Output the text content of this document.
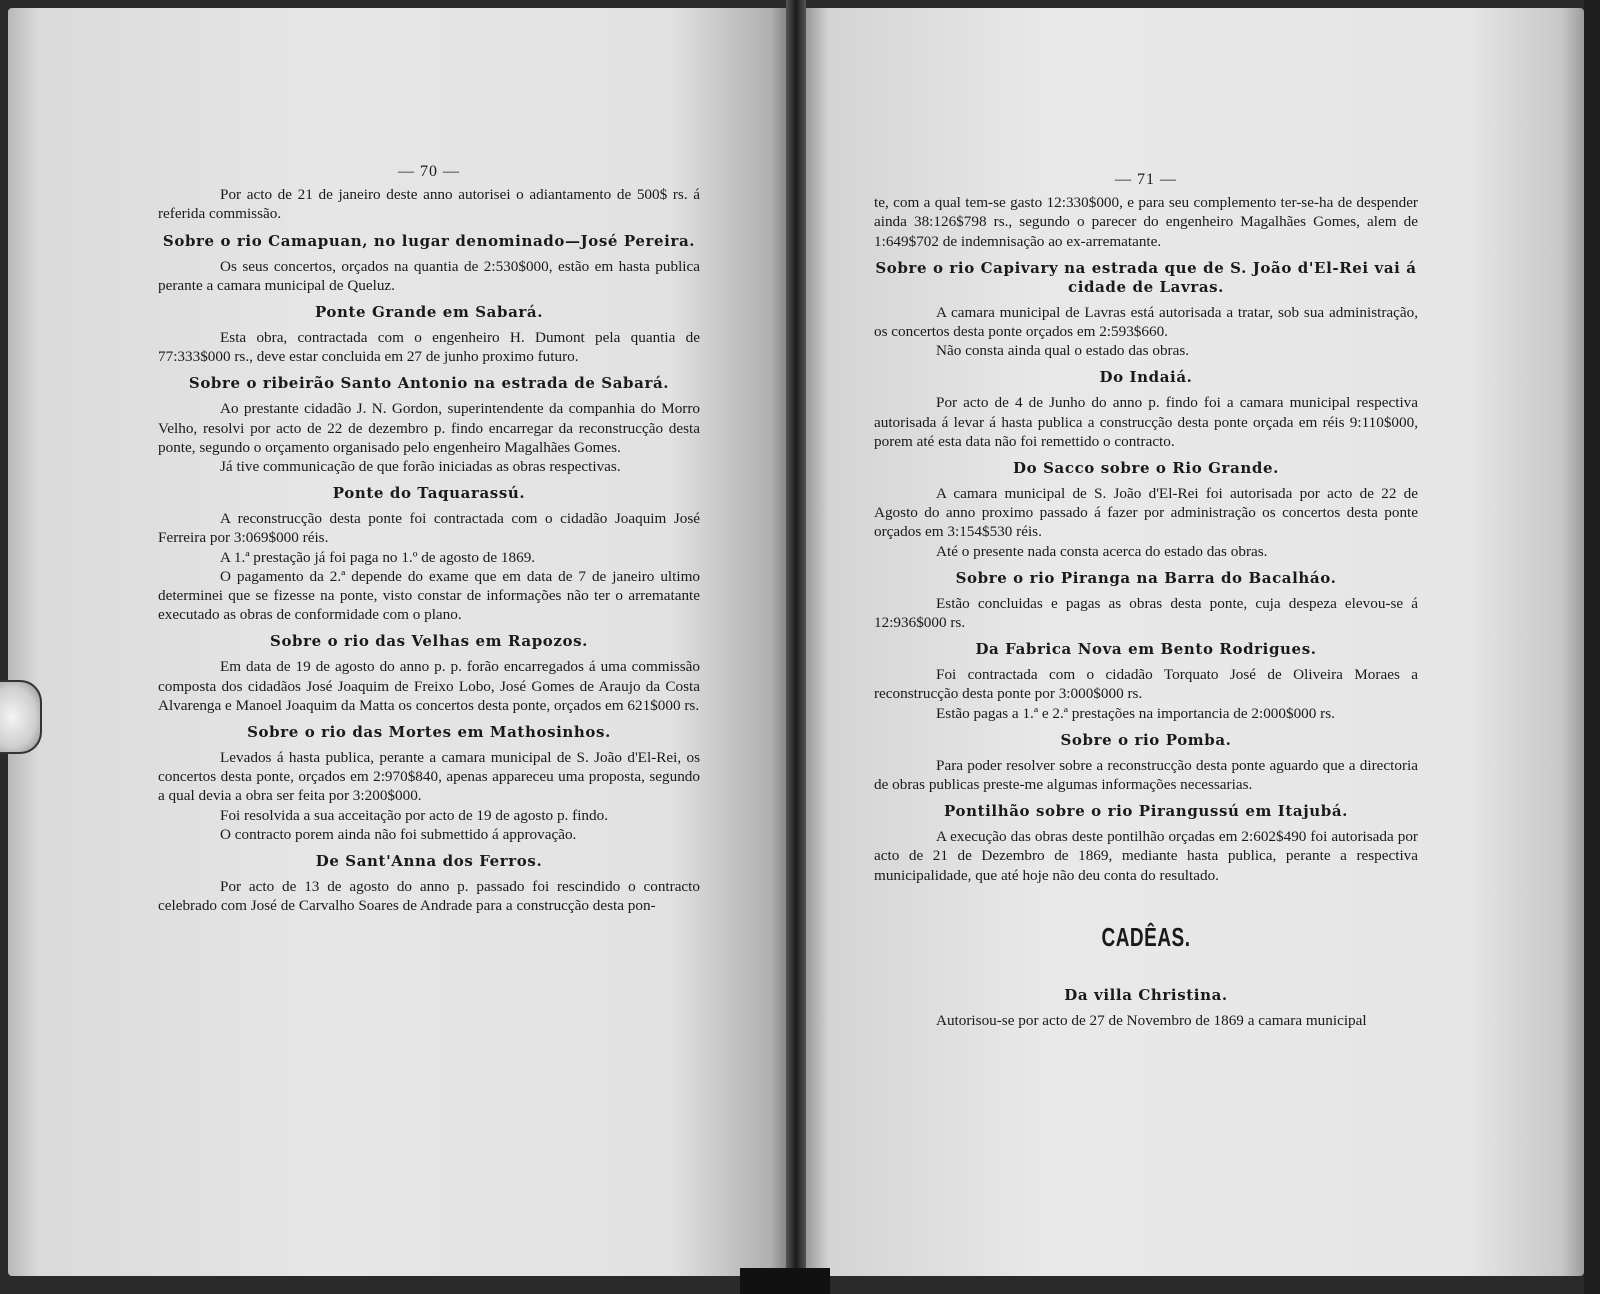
— 70 —

Por acto de 21 de janeiro deste anno autorisei o adiantamento de 500$ rs. á referida commissão.

Sobre o rio Camapuan, no lugar denominado—José Pereira.

Os seus concertos, orçados na quantia de 2:530$000, estão em hasta publica perante a camara municipal de Queluz.

Ponte Grande em Sabará.

Esta obra, contractada com o engenheiro H. Dumont pela quantia de 77:333$000 rs., deve estar concluida em 27 de junho proximo futuro.

Sobre o ribeirão Santo Antonio na estrada de Sabará.

Ao prestante cidadão J. N. Gordon, superintendente da companhia do Morro Velho, resolvi por acto de 22 de dezembro p. findo encarregar da reconstrucção desta ponte, segundo o orçamento organisado pelo engenheiro Magalhães Gomes.

Já tive communicação de que forão iniciadas as obras respectivas.

Ponte do Taquarassú.

A reconstrucção desta ponte foi contractada com o cidadão Joaquim José Ferreira por 3:069$000 réis.

A 1.ª prestação já foi paga no 1.º de agosto de 1869.

O pagamento da 2.ª depende do exame que em data de 7 de janeiro ultimo determinei que se fizesse na ponte, visto constar de informações não ter o arrematante executado as obras de conformidade com o plano.

Sobre o rio das Velhas em Rapozos.

Em data de 19 de agosto do anno p. p. forão encarregados á uma commissão composta dos cidadãos José Joaquim de Freixo Lobo, José Gomes de Araujo da Costa Alvarenga e Manoel Joaquim da Matta os concertos desta ponte, orçados em 621$000 rs.

Sobre o rio das Mortes em Mathosinhos.

Levados á hasta publica, perante a camara municipal de S. João d'El-Rei, os concertos desta ponte, orçados em 2:970$840, apenas appareceu uma proposta, segundo a qual devia a obra ser feita por 3:200$000.

Foi resolvida a sua acceitação por acto de 19 de agosto p. findo.

O contracto porem ainda não foi submettido á approvação.

De Sant'Anna dos Ferros.

Por acto de 13 de agosto do anno p. passado foi rescindido o contracto celebrado com José de Carvalho Soares de Andrade para a construcção desta pon-

— 71 —

te, com a qual tem-se gasto 12:330$000, e para seu complemento ter-se-ha de despender ainda 38:126$798 rs., segundo o parecer do engenheiro Magalhães Gomes, alem de 1:649$702 de indemnisação ao ex-arrematante.

Sobre o rio Capivary na estrada que de S. João d'El-Rei vai á cidade de Lavras.

A camara municipal de Lavras está autorisada a tratar, sob sua administração, os concertos desta ponte orçados em 2:593$660.

Não consta ainda qual o estado das obras.

Do Indaiá.

Por acto de 4 de Junho do anno p. findo foi a camara municipal respectiva autorisada á levar á hasta publica a construcção desta ponte orçada em réis 9:110$000, porem até esta data não foi remettido o contracto.

Do Sacco sobre o Rio Grande.

A camara municipal de S. João d'El-Rei foi autorisada por acto de 22 de Agosto do anno proximo passado á fazer por administração os concertos desta ponte orçados em 3:154$530 réis.

Até o presente nada consta acerca do estado das obras.

Sobre o rio Piranga na Barra do Bacalháo.

Estão concluidas e pagas as obras desta ponte, cuja despeza elevou-se á 12:936$000 rs.

Da Fabrica Nova em Bento Rodrigues.

Foi contractada com o cidadão Torquato José de Oliveira Moraes a reconstrucção desta ponte por 3:000$000 rs.

Estão pagas a 1.ª e 2.ª prestações na importancia de 2:000$000 rs.

Sobre o rio Pomba.

Para poder resolver sobre a reconstrucção desta ponte aguardo que a directoria de obras publicas preste-me algumas informações necessarias.

Pontilhão sobre o rio Pirangussú em Itajubá.

A execução das obras deste pontilhão orçadas em 2:602$490 foi autorisada por acto de 21 de Dezembro de 1869, mediante hasta publica, perante a respectiva municipalidade, que até hoje não deu conta do resultado.

CADÊAS.
Da villa Christina.

Autorisou-se por acto de 27 de Novembro de 1869 a camara municipal
